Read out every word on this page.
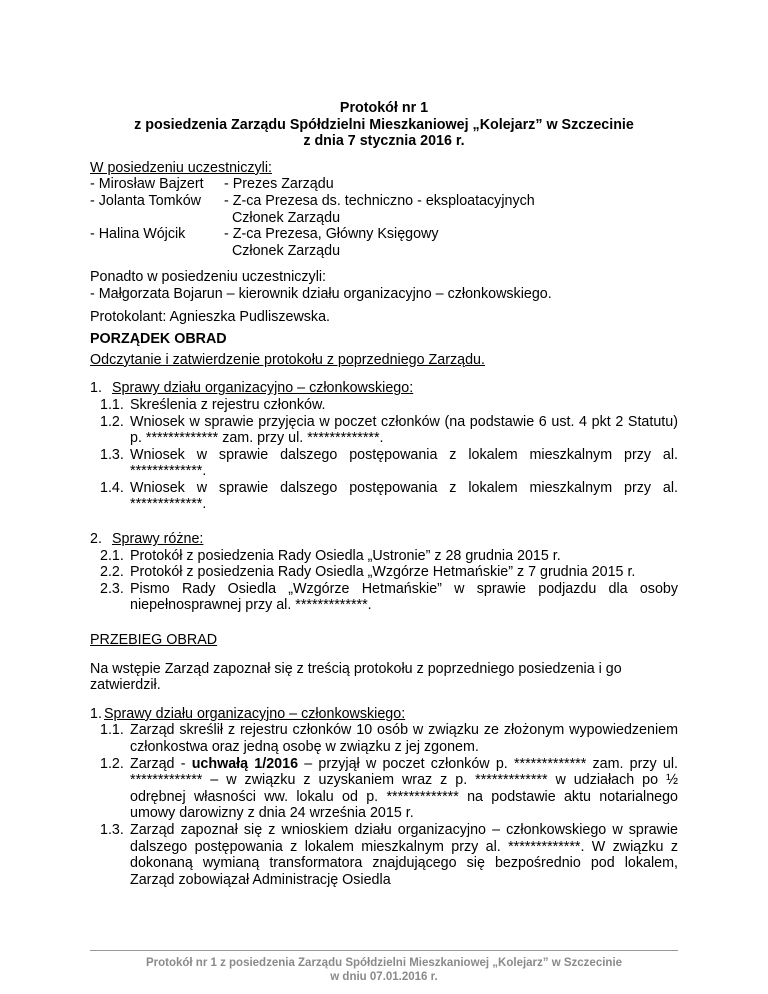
Protokół nr 1
z posiedzenia Zarządu Spółdzielni Mieszkaniowej „Kolejarz” w Szczecinie
z dnia 7 stycznia 2016 r.
W posiedzeniu uczestniczyli:
- Mirosław Bajzert	- Prezes Zarządu
- Jolanta Tomków	- Z-ca Prezesa ds. techniczno - eksploatacyjnych
Członek Zarządu
- Halina Wójcik	- Z-ca Prezesa, Główny Księgowy
Członek Zarządu
Ponadto w posiedzeniu uczestniczyli:
- Małgorzata Bojarun – kierownik działu organizacyjno – członkowskiego.
Protokolant: Agnieszka Pudliszewska.
PORZĄDEK OBRAD
Odczytanie i zatwierdzenie protokołu z poprzedniego Zarządu.
1. Sprawy działu organizacyjno – członkowskiego:
1.1. Skreślenia z rejestru członków.
1.2. Wniosek w sprawie przyjęcia w poczet członków (na podstawie 6 ust. 4 pkt 2 Statutu) p. ************* zam. przy ul. *************.
1.3. Wniosek w sprawie dalszego postępowania z lokalem mieszkalnym przy al. *************.
1.4. Wniosek w sprawie dalszego postępowania z lokalem mieszkalnym przy al. *************.
2. Sprawy różne:
2.1. Protokół z posiedzenia Rady Osiedla „Ustronie” z 28 grudnia 2015 r.
2.2. Protokół z posiedzenia Rady Osiedla „Wzgórze Hetmańskie” z 7 grudnia 2015 r.
2.3. Pismo Rady Osiedla „Wzgórze Hetmańskie” w sprawie podjazdu dla osoby niepełnosprawnej przy al. *************.
PRZEBIEG OBRAD
Na wstępie Zarząd zapoznał się z treścią protokołu z poprzedniego posiedzenia i go zatwierdził.
1. Sprawy działu organizacyjno – członkowskiego:
1.1. Zarząd skreślił z rejestru członków 10 osób w związku ze złożonym wypowiedzeniem członkostwa oraz jedną osobę w związku z jej zgonem.
1.2. Zarząd - uchwałą 1/2016 – przyjął w poczet członków p. ************* zam. przy ul. ************* – w związku z uzyskaniem wraz z p. ************* w udziałach po ½ odrębnej własności ww. lokalu od p. ************* na podstawie aktu notarialnego umowy darowizny z dnia 24 września 2015 r.
1.3. Zarząd zapoznał się z wnioskiem działu organizacyjno – członkowskiego w sprawie dalszego postępowania z lokalem mieszkalnym przy al. *************. W związku z dokonaną wymianą transformatora znajdującego się bezpośrednio pod lokalem, Zarząd zobowiązał Administrację Osiedla
Protokół nr 1 z posiedzenia Zarządu Spółdzielni Mieszkaniowej „Kolejarz” w Szczecinie
w dniu 07.01.2016 r.
